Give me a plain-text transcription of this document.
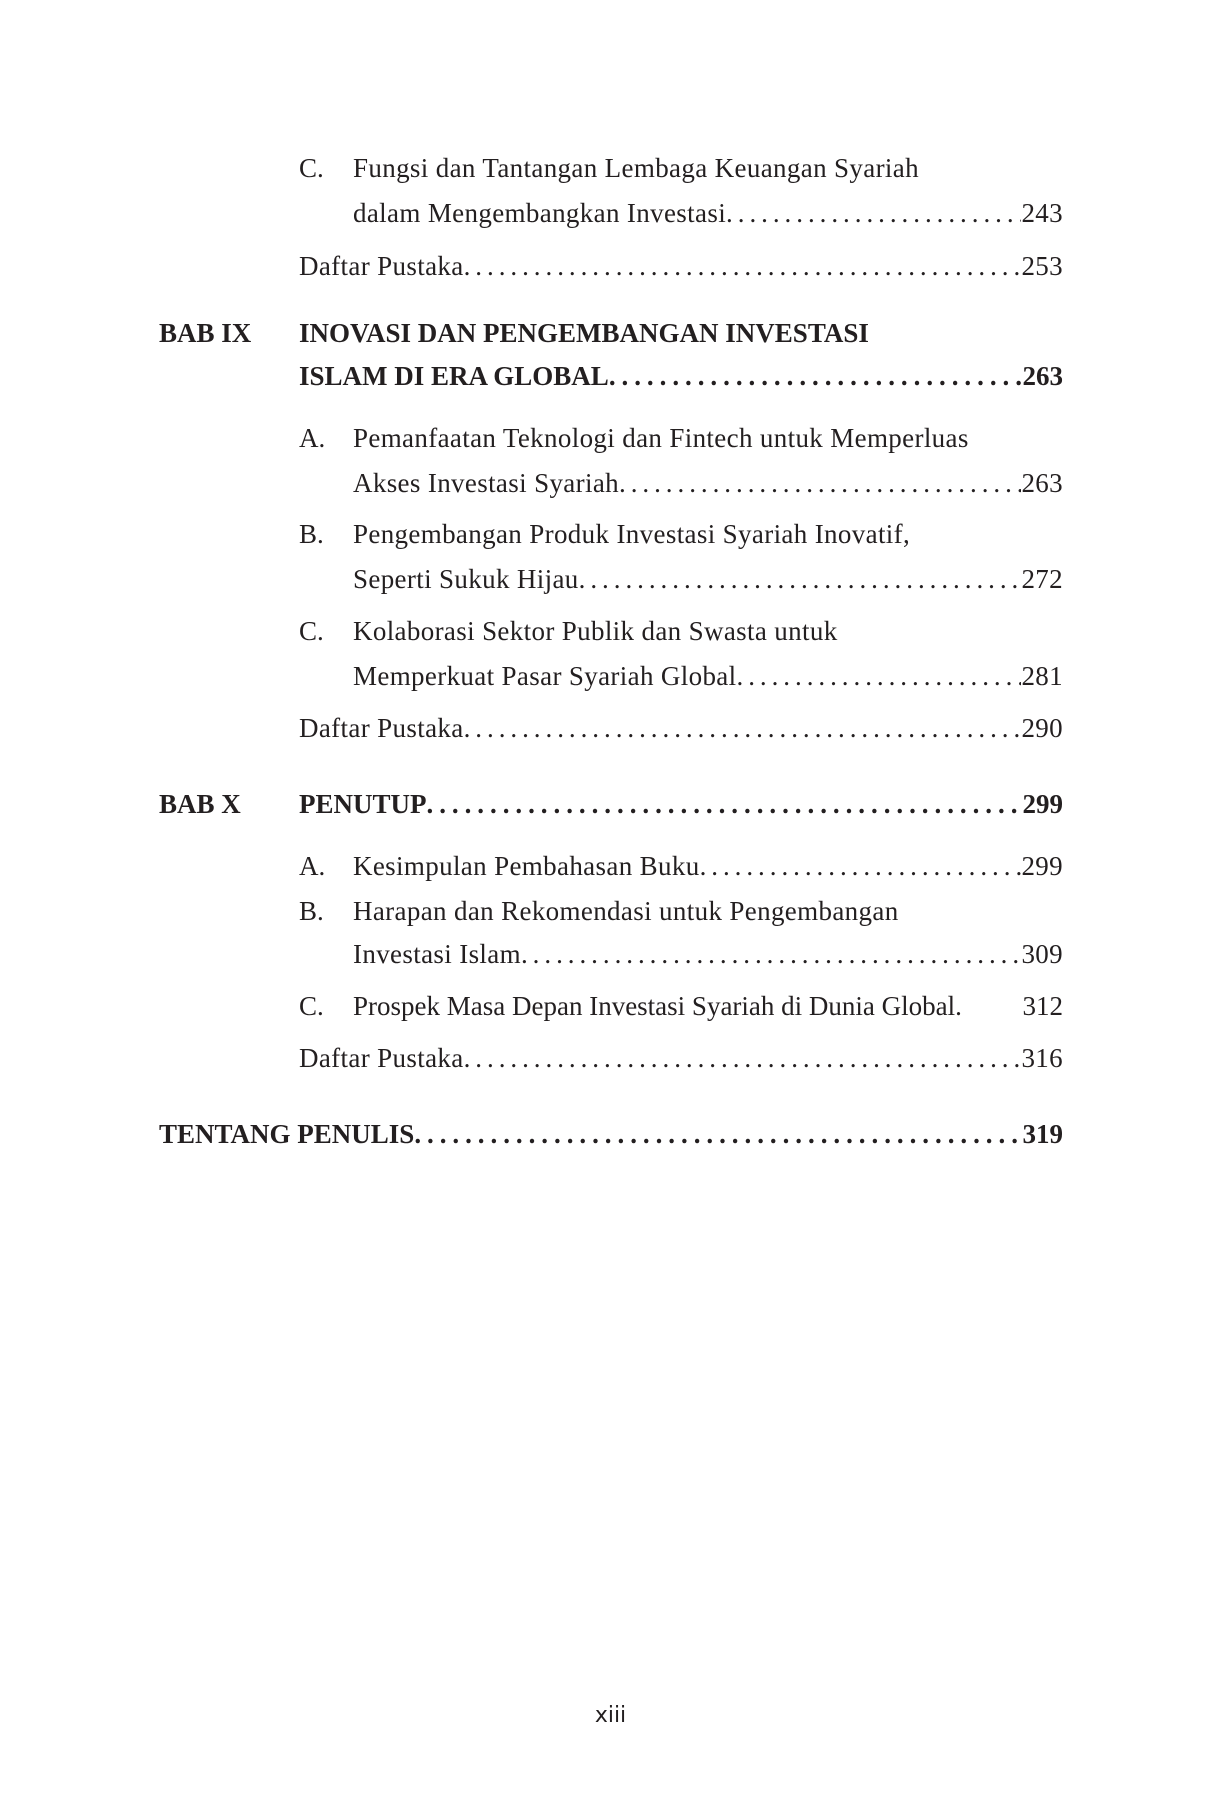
C. Fungsi dan Tantangan Lembaga Keuangan Syariah
dalam Mengembangkan Investasi . . .	243
Daftar Pustaka . . .	253
BAB IX INOVASI DAN PENGEMBANGAN INVESTASI
ISLAM DI ERA GLOBAL . . .	263
A. Pemanfaatan Teknologi dan Fintech untuk Memperluas
Akses Investasi Syariah . . .	263
B. Pengembangan Produk Investasi Syariah Inovatif,
Seperti Sukuk Hijau . . .	272
C. Kolaborasi Sektor Publik dan Swasta untuk
Memperkuat Pasar Syariah Global . . .	281
Daftar Pustaka . . .	290
BAB X PENUTUP . . .	299
A. Kesimpulan Pembahasan Buku . . .	299
B. Harapan dan Rekomendasi untuk Pengembangan
Investasi Islam . . .	309
C. Prospek Masa Depan Investasi Syariah di Dunia Global . . . 312
Daftar Pustaka . . .	316
TENTANG PENULIS . . .	319
xiii
